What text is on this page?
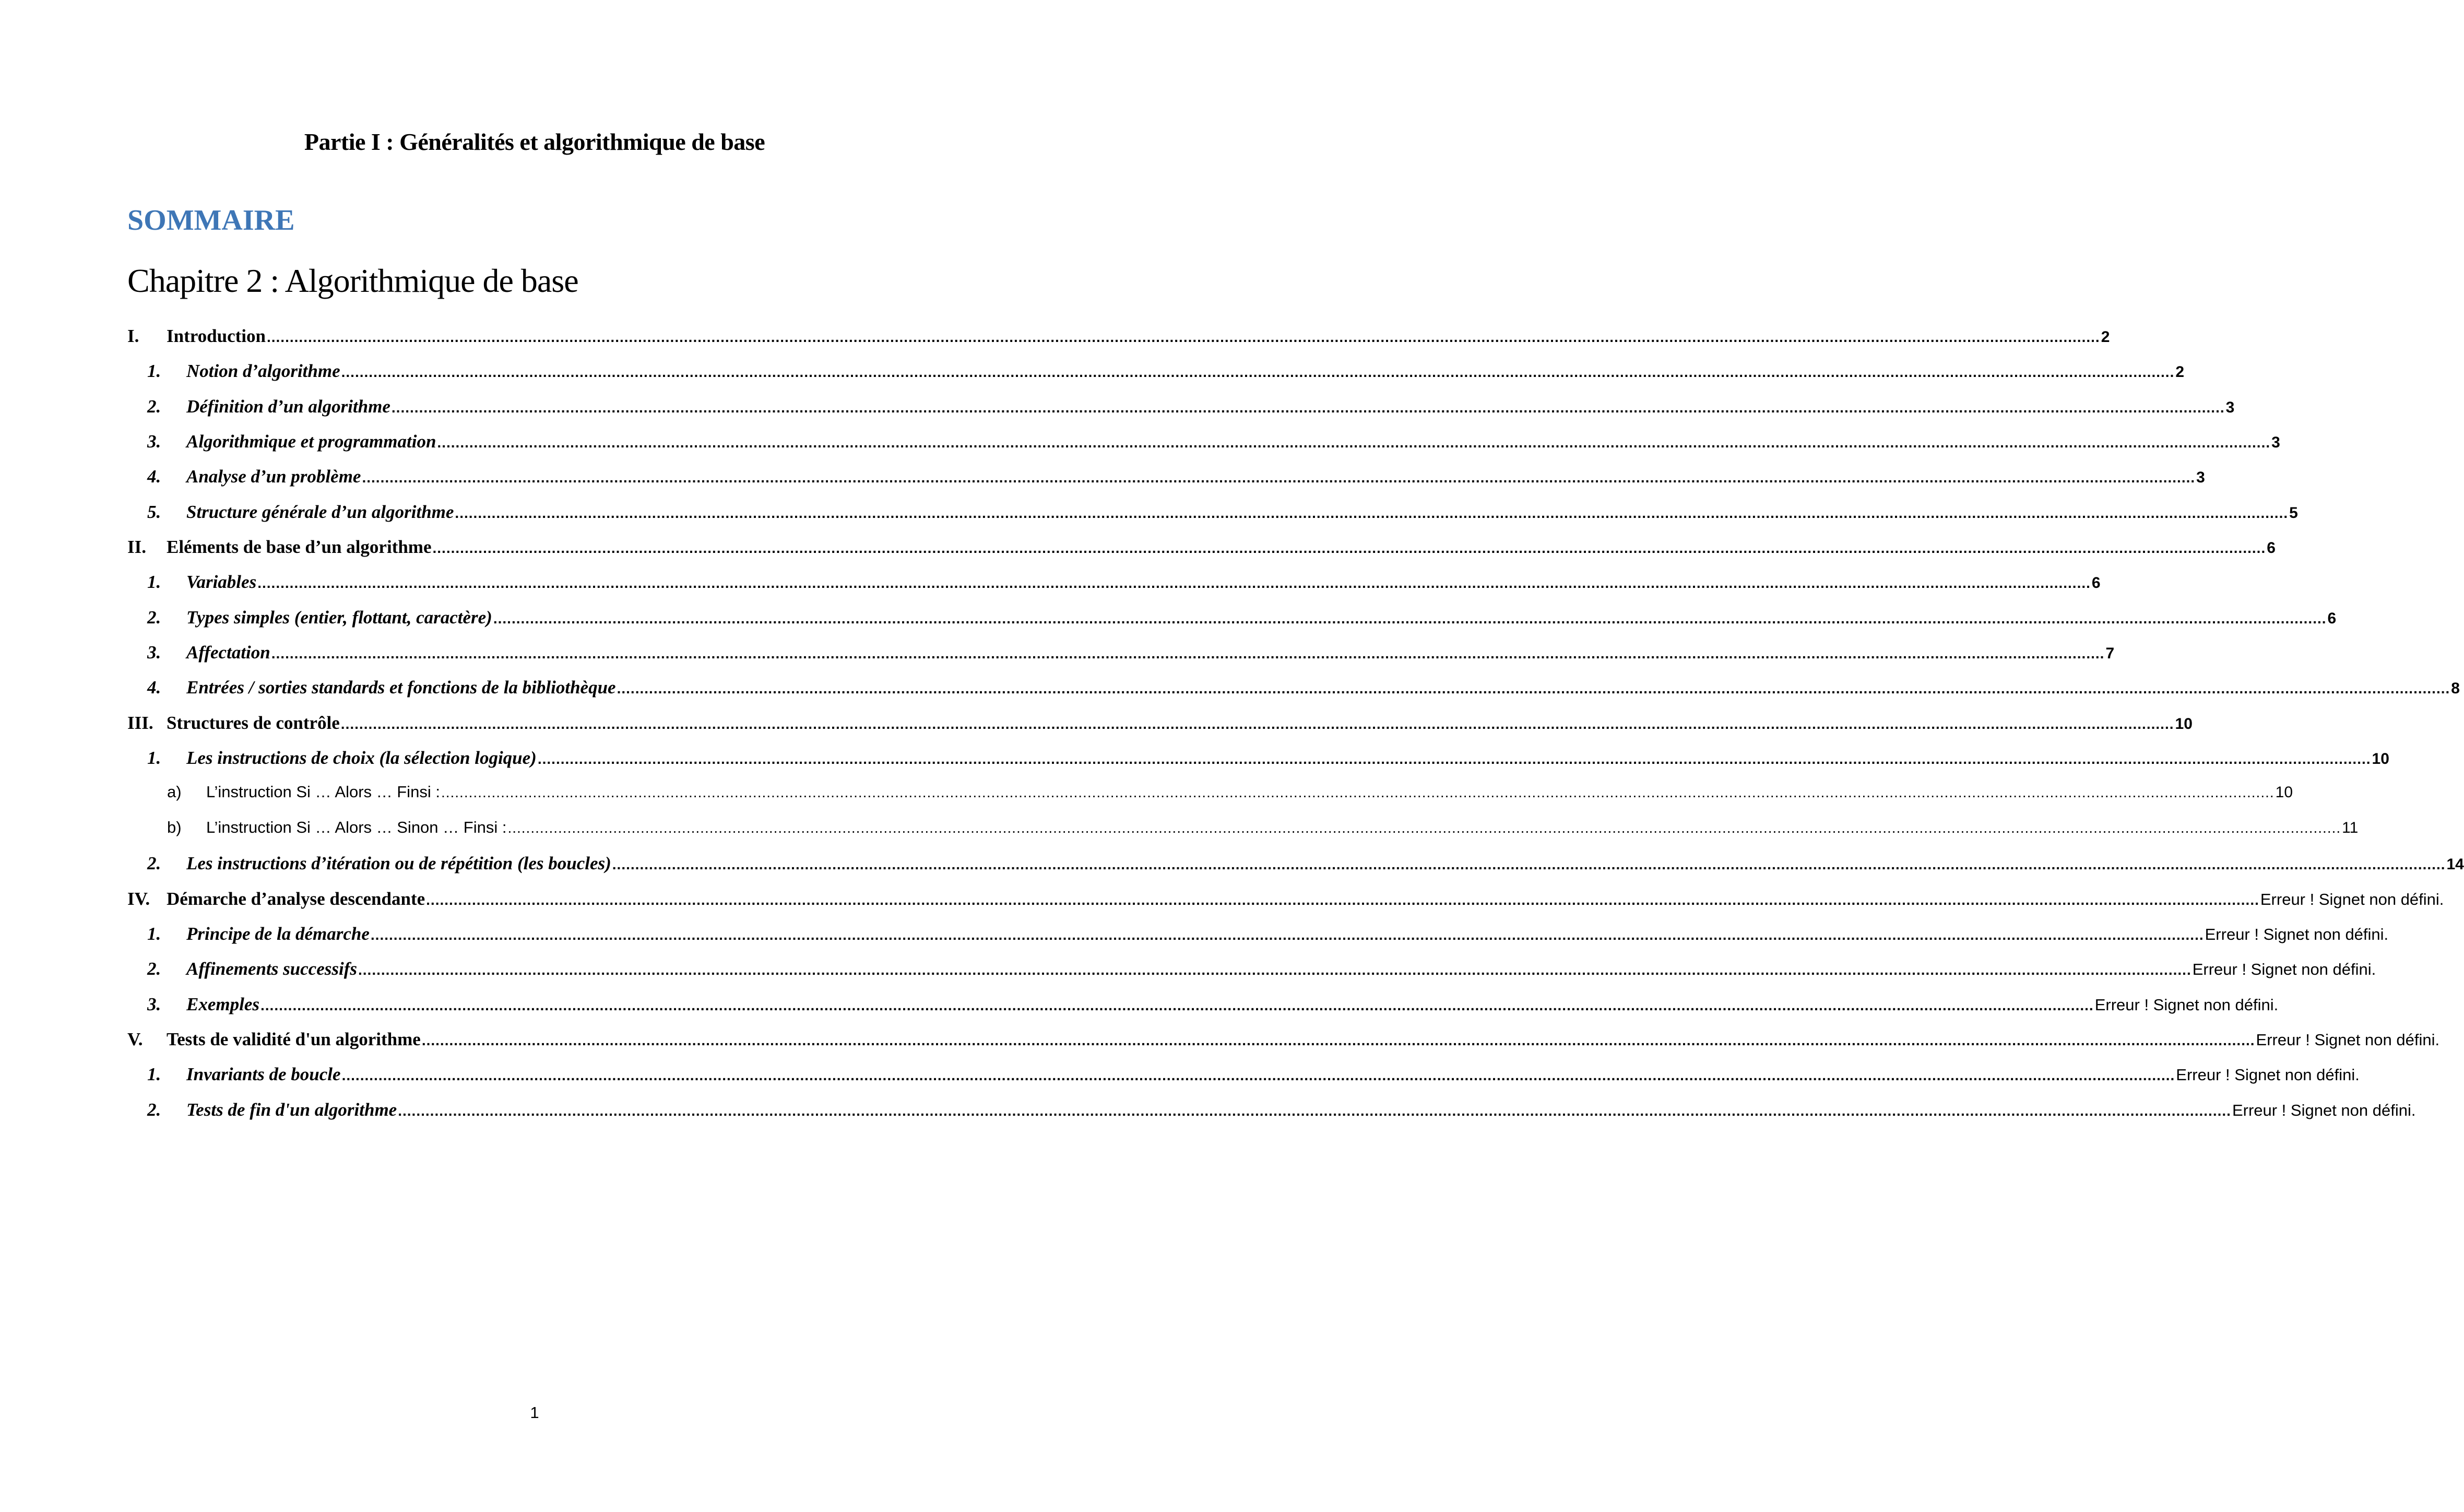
Partie I : Généralités et algorithmique de base
SOMMAIRE
Chapitre 2 : Algorithmique de base
I.	Introduction ................................................................................................................................................................................................................................................................................................................................................................................................................ 2
1.	Notion d’algorithme ................................................................................................................................................................................................................................................................................................................................................................................................................ 2
2.	Définition d’un algorithme ................................................................................................................................................................................................................................................................................................................................................................................................................ 3
3.	Algorithmique et programmation ................................................................................................................................................................................................................................................................................................................................................................................................................ 3
4.	Analyse d’un problème ................................................................................................................................................................................................................................................................................................................................................................................................................ 3
5.	Structure générale d’un algorithme ................................................................................................................................................................................................................................................................................................................................................................................................................ 5
II.	Eléments de base d’un algorithme ................................................................................................................................................................................................................................................................................................................................................................................................................ 6
1.	Variables ................................................................................................................................................................................................................................................................................................................................................................................................................ 6
2.	Types simples (entier, flottant, caractère) ................................................................................................................................................................................................................................................................................................................................................................................................................ 6
3.	Affectation ................................................................................................................................................................................................................................................................................................................................................................................................................ 7
4.	Entrées / sorties standards et fonctions de la bibliothèque ................................................................................................................................................................................................................................................................................................................................................................................................................ 8
III. Structures de contrôle ................................................................................................................................................................................................................................................................................................................................................................................................................ 10
1.	Les instructions de choix (la sélection logique) ................................................................................................................................................................................................................................................................................................................................................................................................................ 10
a)	L’instruction Si … Alors … Finsi : ................................................................................................................................................................................................................................................................................................................................................................................................................ 10
b)	L’instruction Si … Alors … Sinon … Finsi : ................................................................................................................................................................................................................................................................................................................................................................................................................ 11
2.	Les instructions d’itération ou de répétition (les boucles) ................................................................................................................................................................................................................................................................................................................................................................................................................ 14
IV. Démarche d’analyse descendante ................................................................................................................................................................................................................................................................................................................................................................................................................ Erreur ! Signet non défini.
1.	Principe de la démarche ................................................................................................................................................................................................................................................................................................................................................................................................................ Erreur ! Signet non défini.
2.	Affinements successifs ................................................................................................................................................................................................................................................................................................................................................................................................................ Erreur ! Signet non défini.
3.	Exemples ................................................................................................................................................................................................................................................................................................................................................................................................................ Erreur ! Signet non défini.
V.	Tests de validité d'un algorithme ................................................................................................................................................................................................................................................................................................................................................................................................................ Erreur ! Signet non défini.
1.	Invariants de boucle ................................................................................................................................................................................................................................................................................................................................................................................................................ Erreur ! Signet non défini.
2.	Tests de fin d'un algorithme ................................................................................................................................................................................................................................................................................................................................................................................................................ Erreur ! Signet non défini.
1
